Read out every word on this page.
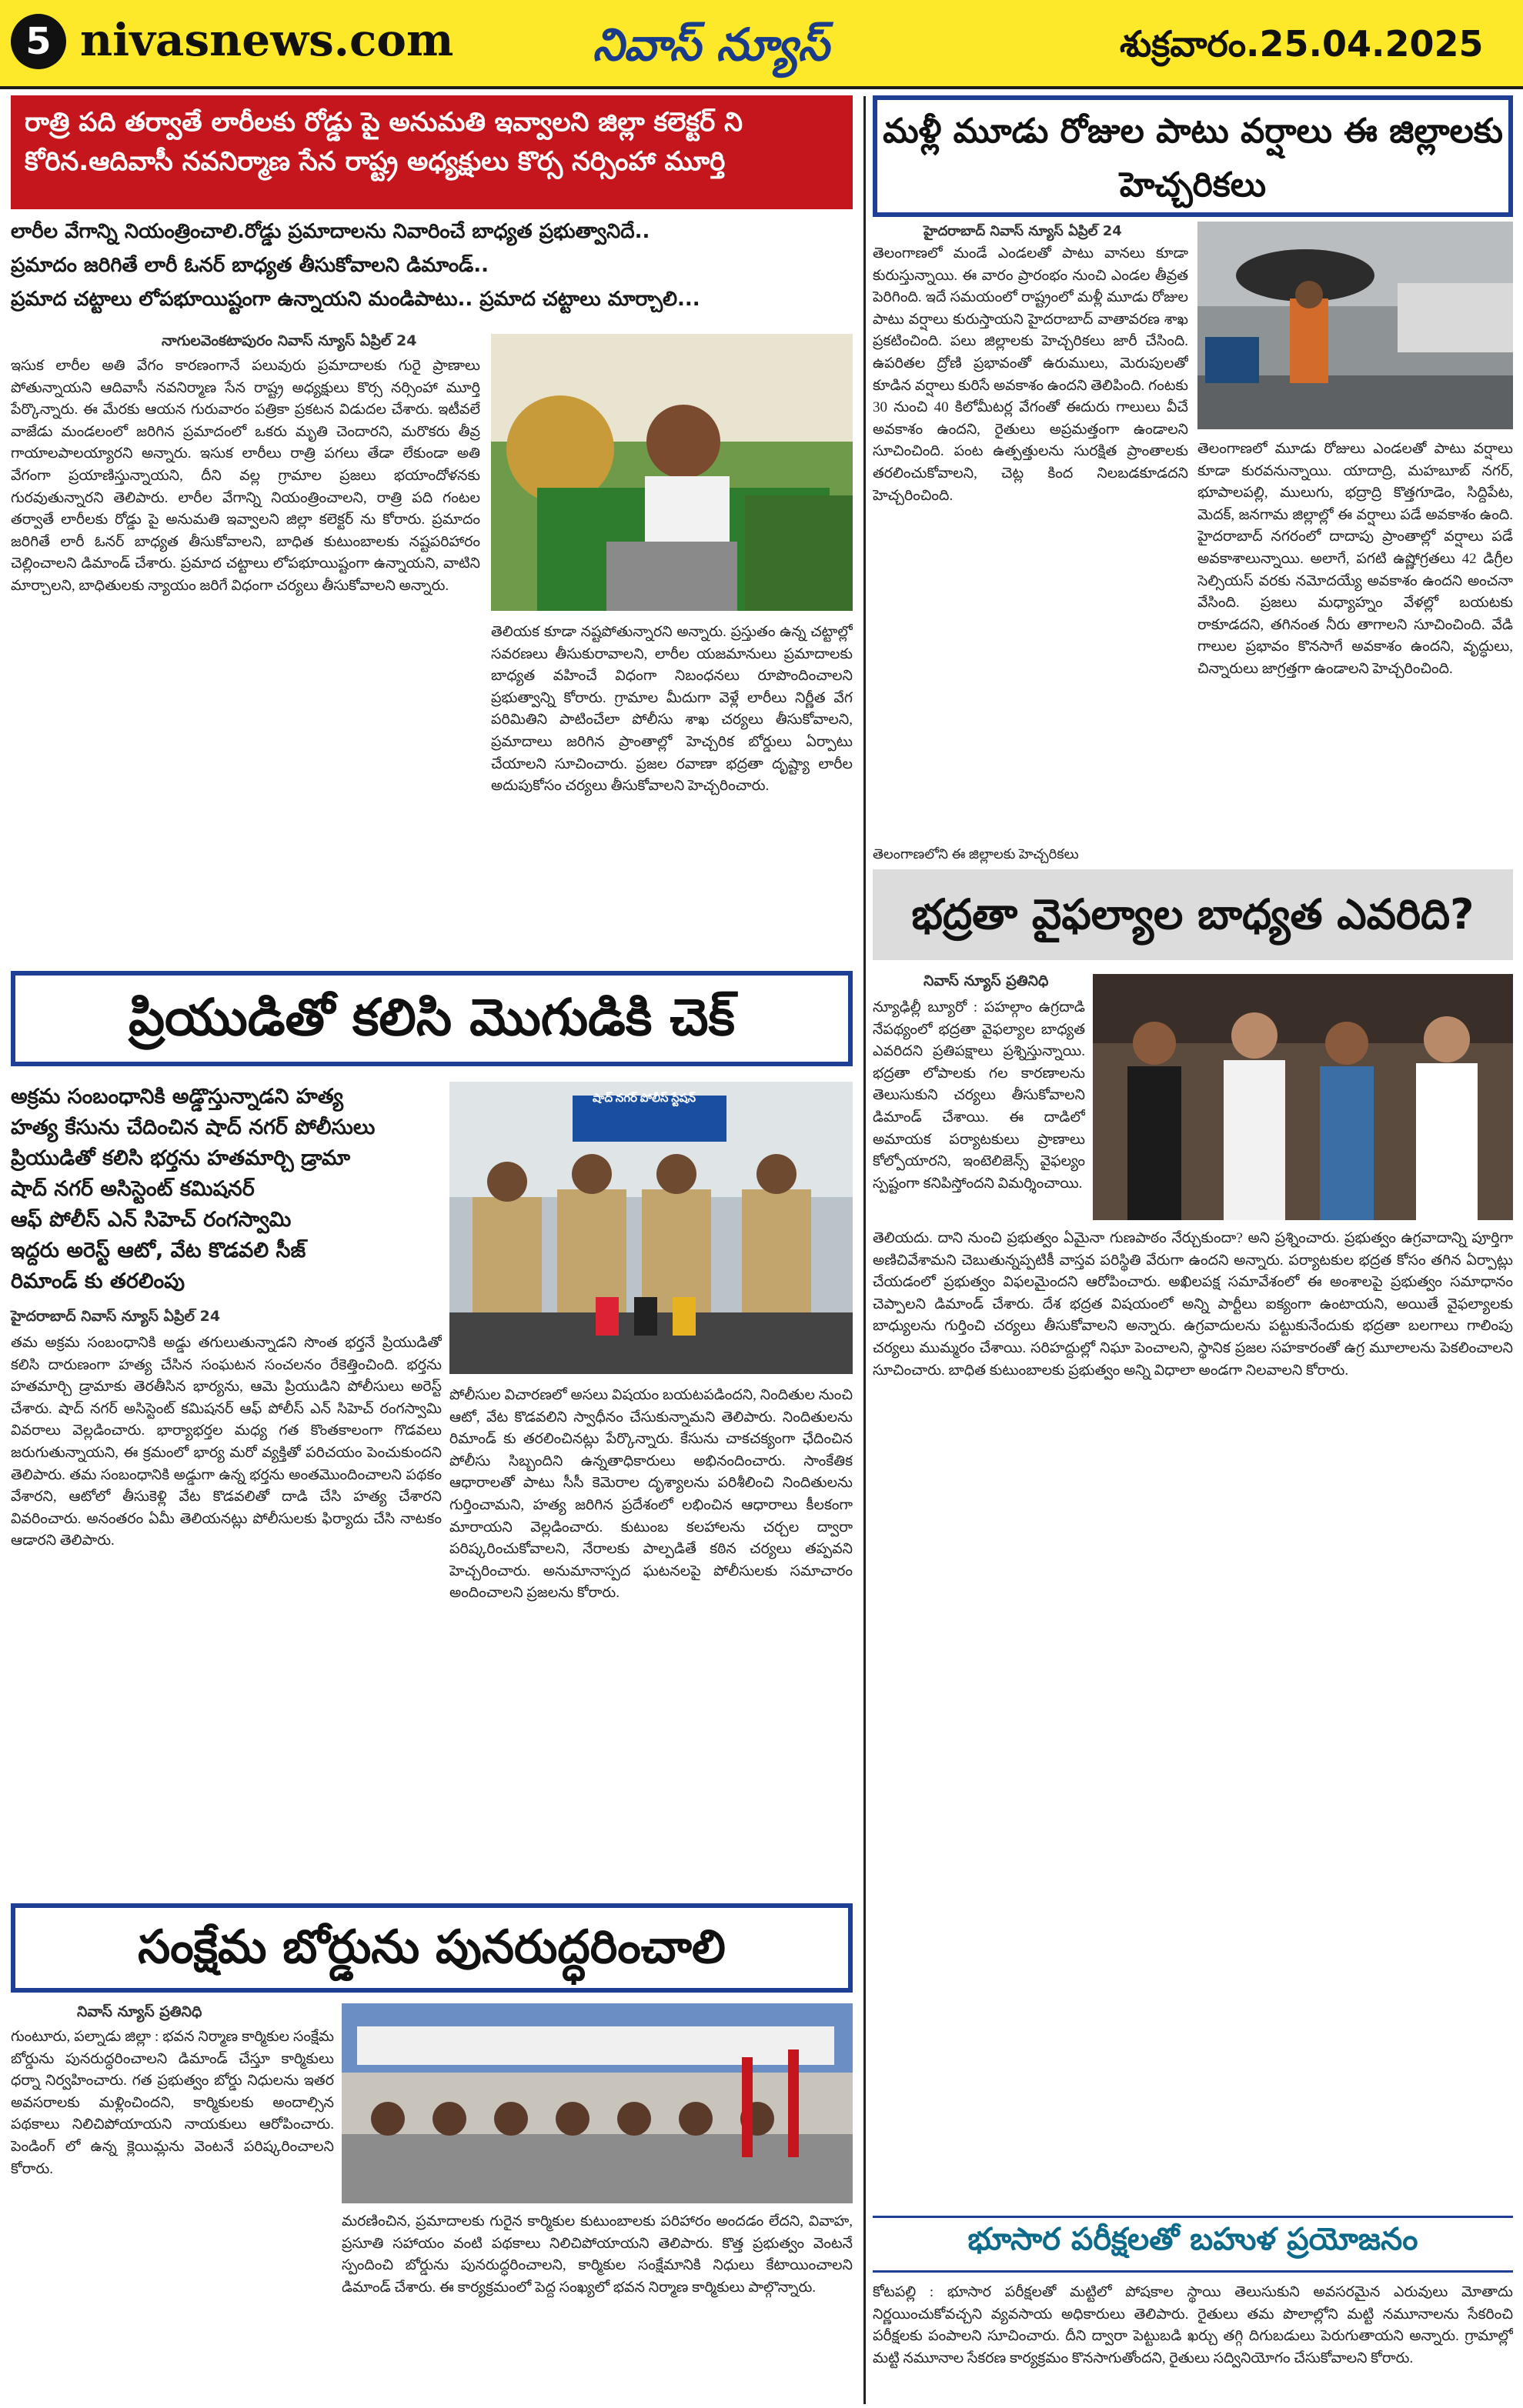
5 nivasnews.com	నివాస్ న్యూస్	శుక్రవారం.25.04.2025
రాత్రి పది తర్వాతే లారీలకు రోడ్డు పై అనుమతి ఇవ్వాలని జిల్లా కలెక్టర్ ని కోరిన.ఆదివాసీ నవనిర్మాణ సేన రాష్ట్ర అధ్యక్షులు కొర్స నర్సింహా మూర్తి
లారీల వేగాన్ని నియంత్రించాలి.రోడ్డు ప్రమాదాలను నివారించే బాధ్యత ప్రభుత్వానిదే..
ప్రమాదం జరిగితే లారీ ఓనర్ బాధ్యత తీసుకోవాలని డిమాండ్..
ప్రమాద చట్టాలు లోపభూయిష్టంగా ఉన్నాయని మండిపాటు.. ప్రమాద చట్టాలు మార్చాలి...
నాగులవెంకటాపురం నివాస్ న్యూస్ ఏప్రిల్ 24
ఇసుక లారీల అతి వేగం కారణంగానే పలువురు ప్రమాదాలకు గురై ప్రాణాలు పోతున్నాయని ఆదివాసీ నవనిర్మాణ సేన రాష్ట్ర అధ్యక్షులు కొర్స నర్సింహా మూర్తి పేర్కొన్నారు. ఈ మేరకు ఆయన గురువారం పత్రికా ప్రకటన విడుదల చేశారు. ఇటీవలే వాజేడు మండలంలో జరిగిన ప్రమాదంలో ఒకరు మృతి చెందారని, మరొకరు తీవ్ర గాయాలపాలయ్యారని అన్నారు. ఇసుక లారీలు రాత్రి పగలు తేడా లేకుండా అతి వేగంగా ప్రయాణిస్తున్నాయని, దీని వల్ల గ్రామాల ప్రజలు భయాందోళనకు గురవుతున్నారని తెలిపారు. లారీల వేగాన్ని నియంత్రించాలని, రాత్రి పది గంటల తర్వాతే లారీలకు రోడ్డు పై అనుమతి ఇవ్వాలని జిల్లా కలెక్టర్ ను కోరారు. ప్రమాదం జరిగితే లారీ ఓనర్ బాధ్యత తీసుకోవాలని, బాధిత కుటుంబాలకు నష్టపరిహారం చెల్లించాలని డిమాండ్ చేశారు. ప్రమాద చట్టాలు లోపభూయిష్టంగా ఉన్నాయని, వాటిని మార్చాలని, బాధితులకు న్యాయం జరిగే విధంగా చర్యలు తీసుకోవాలని అన్నారు.
తెలియక కూడా నష్టపోతున్నారని అన్నారు. ప్రస్తుతం ఉన్న చట్టాల్లో సవరణలు తీసుకురావాలని, లారీల యజమానులు ప్రమాదాలకు బాధ్యత వహించే విధంగా నిబంధనలు రూపొందించాలని ప్రభుత్వాన్ని కోరారు. గ్రామాల మీదుగా వెళ్లే లారీలు నిర్ణీత వేగ పరిమితిని పాటించేలా పోలీసు శాఖ చర్యలు తీసుకోవాలని, ప్రమాదాలు జరిగిన ప్రాంతాల్లో హెచ్చరిక బోర్డులు ఏర్పాటు చేయాలని సూచించారు. ప్రజల రవాణా భద్రతా దృష్ట్యా లారీల అదుపుకోసం చర్యలు తీసుకోవాలని హెచ్చరించారు.
ప్రియుడితో కలిసి మొగుడికి చెక్
అక్రమ సంబంధానికి అడ్డొస్తున్నాడని హత్య
హత్య కేసును చేదించిన షాద్ నగర్ పోలీసులు
ప్రియుడితో కలిసి భర్తను హతమార్చి డ్రామా
షాద్ నగర్ అసిస్టెంట్ కమిషనర్
ఆఫ్ పోలీస్ ఎన్ సిహెచ్ రంగస్వామి
ఇద్దరు అరెస్ట్ ఆటో, వేట కొడవలి సీజ్
రిమాండ్ కు తరలింపు
హైదరాబాద్ నివాస్ న్యూస్ ఏప్రిల్ 24
తమ అక్రమ సంబంధానికి అడ్డు తగులుతున్నాడని సొంత భర్తనే ప్రియుడితో కలిసి దారుణంగా హత్య చేసిన సంఘటన సంచలనం రేకెత్తించింది. భర్తను హతమార్చి డ్రామాకు తెరతీసిన భార్యను, ఆమె ప్రియుడిని పోలీసులు అరెస్ట్ చేశారు. షాద్ నగర్ అసిస్టెంట్ కమిషనర్ ఆఫ్ పోలీస్ ఎన్ సిహెచ్ రంగస్వామి వివరాలు వెల్లడించారు. భార్యాభర్తల మధ్య గత కొంతకాలంగా గొడవలు జరుగుతున్నాయని, ఈ క్రమంలో భార్య మరో వ్యక్తితో పరిచయం పెంచుకుందని తెలిపారు. తమ సంబంధానికి అడ్డుగా ఉన్న భర్తను అంతమొందించాలని పథకం వేశారని, ఆటోలో తీసుకెళ్లి వేట కొడవలితో దాడి చేసి హత్య చేశారని వివరించారు. అనంతరం ఏమీ తెలియనట్లు పోలీసులకు ఫిర్యాదు చేసి నాటకం ఆడారని తెలిపారు.
షాద్ నగర్ పోలీస్ స్టేషన్
పోలీసుల విచారణలో అసలు విషయం బయటపడిందని, నిందితుల నుంచి ఆటో, వేట కొడవలిని స్వాధీనం చేసుకున్నామని తెలిపారు. నిందితులను రిమాండ్ కు తరలించినట్లు పేర్కొన్నారు. కేసును చాకచక్యంగా ఛేదించిన పోలీసు సిబ్బందిని ఉన్నతాధికారులు అభినందించారు. సాంకేతిక ఆధారాలతో పాటు సీసీ కెమెరాల దృశ్యాలను పరిశీలించి నిందితులను గుర్తించామని, హత్య జరిగిన ప్రదేశంలో లభించిన ఆధారాలు కీలకంగా మారాయని వెల్లడించారు. కుటుంబ కలహాలను చర్చల ద్వారా పరిష్కరించుకోవాలని, నేరాలకు పాల్పడితే కఠిన చర్యలు తప్పవని హెచ్చరించారు. అనుమానాస్పద ఘటనలపై పోలీసులకు సమాచారం అందించాలని ప్రజలను కోరారు.
సంక్షేమ బోర్డును పునరుద్ధరించాలి
నివాస్ న్యూస్ ప్రతినిధి
గుంటూరు, పల్నాడు జిల్లా : భవన నిర్మాణ కార్మికుల సంక్షేమ బోర్డును పునరుద్ధరించాలని డిమాండ్ చేస్తూ కార్మికులు ధర్నా నిర్వహించారు. గత ప్రభుత్వం బోర్డు నిధులను ఇతర అవసరాలకు మళ్లించిందని, కార్మికులకు అందాల్సిన పథకాలు నిలిచిపోయాయని నాయకులు ఆరోపించారు. పెండింగ్ లో ఉన్న క్లెయిమ్లను వెంటనే పరిష్కరించాలని కోరారు.
మరణించిన, ప్రమాదాలకు గురైన కార్మికుల కుటుంబాలకు పరిహారం అందడం లేదని, వివాహ, ప్రసూతి సహాయం వంటి పథకాలు నిలిచిపోయాయని తెలిపారు. కొత్త ప్రభుత్వం వెంటనే స్పందించి బోర్డును పునరుద్ధరించాలని, కార్మికుల సంక్షేమానికి నిధులు కేటాయించాలని డిమాండ్ చేశారు. ఈ కార్యక్రమంలో పెద్ద సంఖ్యలో భవన నిర్మాణ కార్మికులు పాల్గొన్నారు.
మళ్లీ మూడు రోజుల పాటు వర్షాలు ఈ జిల్లాలకు హెచ్చరికలు
హైదరాబాద్ నివాస్ న్యూస్ ఏప్రిల్ 24
తెలంగాణలో మండే ఎండలతో పాటు వానలు కూడా కురుస్తున్నాయి. ఈ వారం ప్రారంభం నుంచి ఎండల తీవ్రత పెరిగింది. ఇదే సమయంలో రాష్ట్రంలో మళ్లీ మూడు రోజుల పాటు వర్షాలు కురుస్తాయని హైదరాబాద్ వాతావరణ శాఖ ప్రకటించింది. పలు జిల్లాలకు హెచ్చరికలు జారీ చేసింది. ఉపరితల ద్రోణి ప్రభావంతో ఉరుములు, మెరుపులతో కూడిన వర్షాలు కురిసే అవకాశం ఉందని తెలిపింది. గంటకు 30 నుంచి 40 కిలోమీటర్ల వేగంతో ఈదురు గాలులు వీచే అవకాశం ఉందని, రైతులు అప్రమత్తంగా ఉండాలని సూచించింది. పంట ఉత్పత్తులను సురక్షిత ప్రాంతాలకు తరలించుకోవాలని, చెట్ల కింద నిలబడకూడదని హెచ్చరించింది.
తెలంగాణలో మూడు రోజులు ఎండలతో పాటు వర్షాలు కూడా కురవనున్నాయి. యాదాద్రి, మహబూబ్ నగర్, భూపాలపల్లి, ములుగు, భద్రాద్రి కొత్తగూడెం, సిద్దిపేట, మెదక్, జనగామ జిల్లాల్లో ఈ వర్షాలు పడే అవకాశం ఉంది. హైదరాబాద్ నగరంలో దాదాపు ప్రాంతాల్లో వర్షాలు పడే అవకాశాలున్నాయి. అలాగే, పగటి ఉష్ణోగ్రతలు 42 డిగ్రీల సెల్సియస్ వరకు నమోదయ్యే అవకాశం ఉందని అంచనా వేసింది. ప్రజలు మధ్యాహ్నం వేళల్లో బయటకు రాకూడదని, తగినంత నీరు తాగాలని సూచించింది. వేడి గాలుల ప్రభావం కొనసాగే అవకాశం ఉందని, వృద్ధులు, చిన్నారులు జాగ్రత్తగా ఉండాలని హెచ్చరించింది.
తెలంగాణలోని ఈ జిల్లాలకు హెచ్చరికలు
భద్రతా వైఫల్యాల బాధ్యత ఎవరిది?
నివాస్ న్యూస్ ప్రతినిధి
న్యూఢిల్లీ బ్యూరో : పహల్గాం ఉగ్రదాడి నేపథ్యంలో భద్రతా వైఫల్యాల బాధ్యత ఎవరిదని ప్రతిపక్షాలు ప్రశ్నిస్తున్నాయి. భద్రతా లోపాలకు గల కారణాలను తెలుసుకుని చర్యలు తీసుకోవాలని డిమాండ్ చేశాయి. ఈ దాడిలో అమాయక పర్యాటకులు ప్రాణాలు కోల్పోయారని, ఇంటెలిజెన్స్ వైఫల్యం స్పష్టంగా కనిపిస్తోందని విమర్శించాయి.
తెలియదు. దాని నుంచి ప్రభుత్వం ఏమైనా గుణపాఠం నేర్చుకుందా? అని ప్రశ్నించారు. ప్రభుత్వం ఉగ్రవాదాన్ని పూర్తిగా అణిచివేశామని చెబుతున్నప్పటికీ వాస్తవ పరిస్థితి వేరుగా ఉందని అన్నారు. పర్యాటకుల భద్రత కోసం తగిన ఏర్పాట్లు చేయడంలో ప్రభుత్వం విఫలమైందని ఆరోపించారు. అఖిలపక్ష సమావేశంలో ఈ అంశాలపై ప్రభుత్వం సమాధానం చెప్పాలని డిమాండ్ చేశారు. దేశ భద్రత విషయంలో అన్ని పార్టీలు ఐక్యంగా ఉంటాయని, అయితే వైఫల్యాలకు బాధ్యులను గుర్తించి చర్యలు తీసుకోవాలని అన్నారు. ఉగ్రవాదులను పట్టుకునేందుకు భద్రతా బలగాలు గాలింపు చర్యలు ముమ్మరం చేశాయి. సరిహద్దుల్లో నిఘా పెంచాలని, స్థానిక ప్రజల సహకారంతో ఉగ్ర మూలాలను పెకలించాలని సూచించారు. బాధిత కుటుంబాలకు ప్రభుత్వం అన్ని విధాలా అండగా నిలవాలని కోరారు.
భూసార పరీక్షలతో బహుళ ప్రయోజనం
కోటపల్లి : భూసార పరీక్షలతో మట్టిలో పోషకాల స్థాయి తెలుసుకుని అవసరమైన ఎరువులు మోతాదు నిర్ణయించుకోవచ్చని వ్యవసాయ అధికారులు తెలిపారు. రైతులు తమ పొలాల్లోని మట్టి నమూనాలను సేకరించి పరీక్షలకు పంపాలని సూచించారు. దీని ద్వారా పెట్టుబడి ఖర్చు తగ్గి దిగుబడులు పెరుగుతాయని అన్నారు. గ్రామాల్లో మట్టి నమూనాల సేకరణ కార్యక్రమం కొనసాగుతోందని, రైతులు సద్వినియోగం చేసుకోవాలని కోరారు.
